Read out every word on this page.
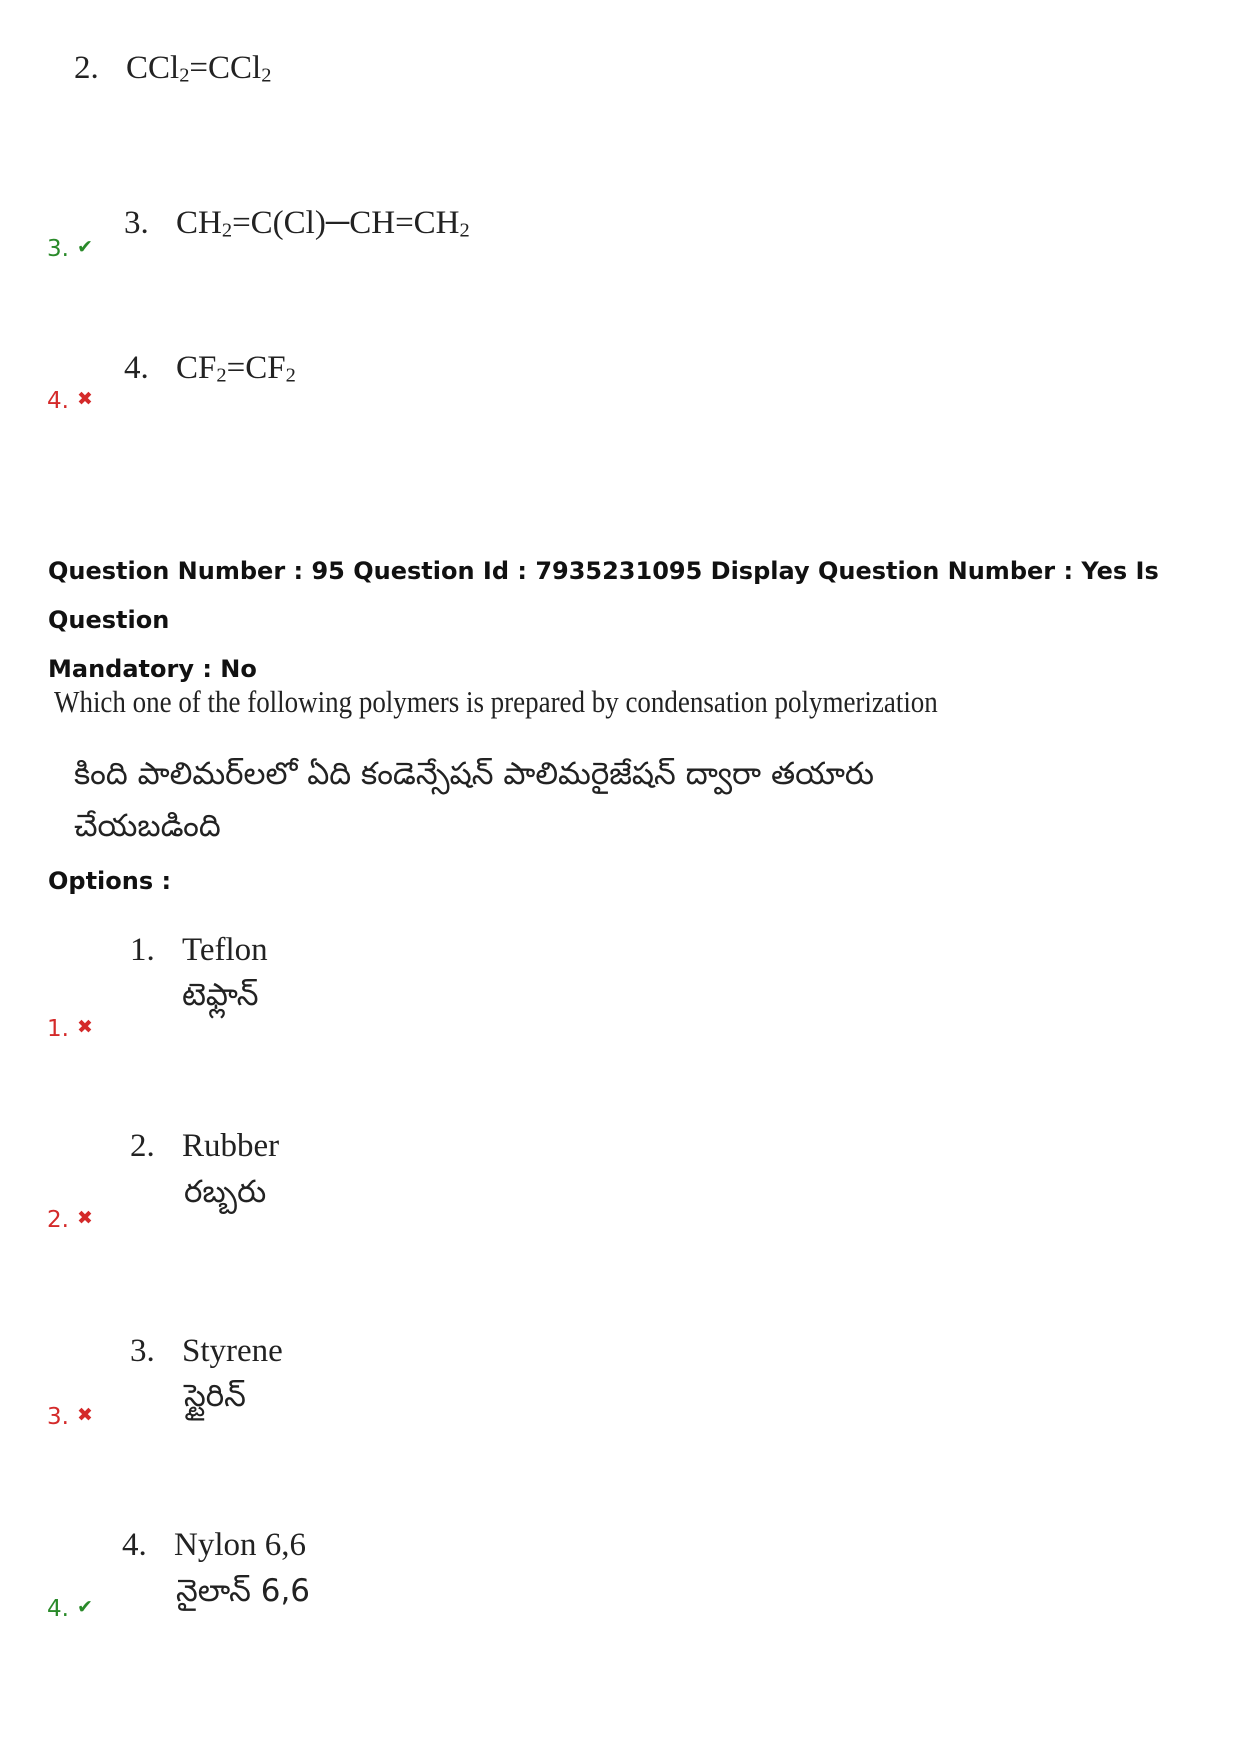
2. CCl$_2$=CCl$_2$
3. $CH_2=C(Cl)─CH=CH_2$
3. ✔
4. $CF_2=CF_2$
4. ✖
Question Number : 95 Question Id : 7935231095 Display Question Number : Yes Is Question
Mandatory : No
Which one of the following polymers is prepared by condensation polymerization
కింది పాలిమర్‌లలో ఏది కండెన్సేషన్ పాలిమరైజేషన్ ద్వారా తయారు చేయబడింది
Options :
1. Teflon
టెఫ్లాన్
1. ✖
2. Rubber
రబ్బరు
2. ✖
3. Styrene
స్టైరిన్
3. ✖
4. Nylon 6,6
నైలాన్ 6,6
4. ✔
